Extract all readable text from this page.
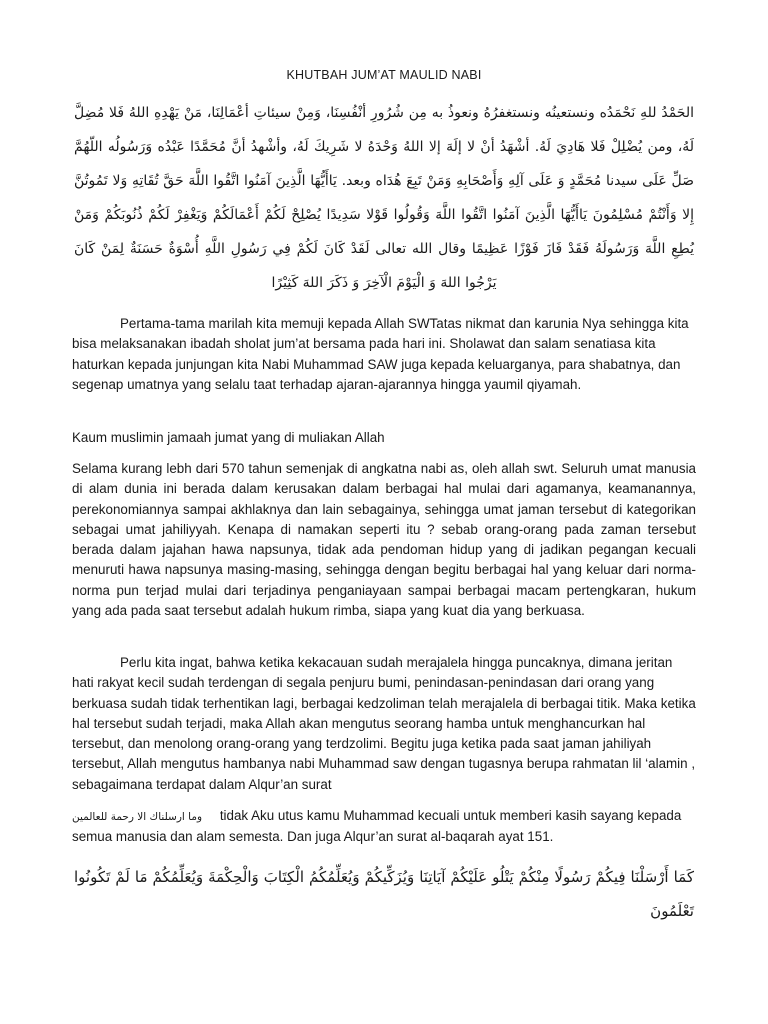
KHUTBAH JUM’AT MAULID NABI
الحَمْدُ للهِ نَحْمَدُه ونستعينُه ونستغفرُهُ ونعوذُ به مِن شُرُورِ أنْفُسِنَا، وَمِنْ سيئاتِ أعْمَالِنَا، مَنْ يَهْدِهِ اللهُ فَلا مُضِلَّ لَهُ، ومن يُضْلِلْ فَلا هَادِيَ لَهُ. أشْهَدُ أنْ لا إلَهَ إلا اللهُ وَحْدَهُ لا شَرِيكَ لَهُ، وأشْهدُ أنَّ مُحَمَّدًا عَبْدُه وَرَسُولُه اللّهُمَّ صَلِّ عَلَى سيدنا مُحَمَّدٍ وَ عَلَى آلِهِ وَأَصْحَابِهِ وَمَنْ تَبِعَ هُدَاه وبعد. يَاأَيُّهَا الَّذِينَ آمَنُوا اتَّقُوا اللَّهَ حَقَّ تُقَاتِهِ وَلا تَمُوتُنَّ إِلا وَأَنْتُمْ مُسْلِمُونَ يَاأَيُّهَا الَّذِينَ آمَنُوا اتَّقُوا اللَّهَ وَقُولُوا قَوْلا سَدِيدًا يُصْلِحْ لَكُمْ أَعْمَالَكُمْ وَيَغْفِرْ لَكُمْ ذُنُوبَكُمْ وَمَنْ يُطِعِ اللَّهَ وَرَسُولَهُ فَقَدْ فَازَ فَوْزًا عَظِيمًا وقال الله تعالى لَقَدْ كَانَ لَكُمْ فِي رَسُولِ اللَّهِ أُسْوَةٌ حَسَنَةٌ لِمَنْ كَانَ يَرْجُوا اللهَ وَ الْيَوْمَ الْآخِرَ وَ ذَكَرَ اللهَ كَثِيْرًا

Pertama-tama marilah kita memuji kepada Allah SWTatas nikmat dan karunia Nya sehingga kita bisa melaksanakan ibadah sholat jum’at bersama pada hari ini. Sholawat dan salam senatiasa kita haturkan kepada junjungan kita Nabi Muhammad SAW juga kepada keluarganya, para shabatnya, dan segenap umatnya yang selalu taat terhadap ajaran-ajarannya hingga yaumil qiyamah.

Kaum muslimin jamaah jumat yang di muliakan Allah

Selama kurang lebh dari 570 tahun semenjak di angkatna nabi as, oleh allah swt. Seluruh umat manusia di alam dunia ini berada dalam kerusakan dalam berbagai hal mulai dari agamanya, keamanannya, perekonomiannya sampai akhlaknya dan lain sebagainya, sehingga umat jaman tersebut di kategorikan sebagai umat jahiliyyah. Kenapa di namakan seperti itu ? sebab orang-orang pada zaman tersebut berada dalam jajahan hawa napsunya, tidak ada pendoman hidup yang di jadikan pegangan kecuali menuruti hawa napsunya masing-masing, sehingga dengan begitu berbagai hal yang keluar dari norma-norma pun terjad mulai dari terjadinya penganiayaan sampai berbagai macam pertengkaran, hukum yang ada pada saat tersebut adalah hukum rimba, siapa yang kuat dia yang berkuasa.

Perlu kita ingat, bahwa ketika kekacauan sudah merajalela hingga puncaknya, dimana jeritan hati rakyat kecil sudah terdengan di segala penjuru bumi, penindasan-penindasan dari orang yang berkuasa sudah tidak terhentikan lagi, berbagai kedzoliman telah merajalela di berbagai titik. Maka ketika hal tersebut sudah terjadi, maka Allah akan mengutus seorang hamba untuk menghancurkan hal tersebut, dan menolong orang-orang yang terdzolimi. Begitu juga ketika pada saat jaman jahiliyah tersebut, Allah mengutus hambanya nabi Muhammad saw dengan tugasnya berupa rahmatan lil ‘alamin , sebagaimana terdapat dalam Alqur’an surat

وما ارسلناك الا رحمة للعالمين tidak Aku utus kamu Muhammad kecuali untuk memberi kasih sayang kepada semua manusia dan alam semesta. Dan juga Alqur’an surat al-baqarah ayat 151.
كَمَا أَرْسَلْنَا فِيكُمْ رَسُولًا مِنْكُمْ يَتْلُو عَلَيْكُمْ آيَاتِنَا وَيُزَكِّيكُمْ وَيُعَلِّمُكُمُ الْكِتَابَ وَالْحِكْمَةَ وَيُعَلِّمُكُمْ مَا لَمْ تَكُونُوا تَعْلَمُونَ
